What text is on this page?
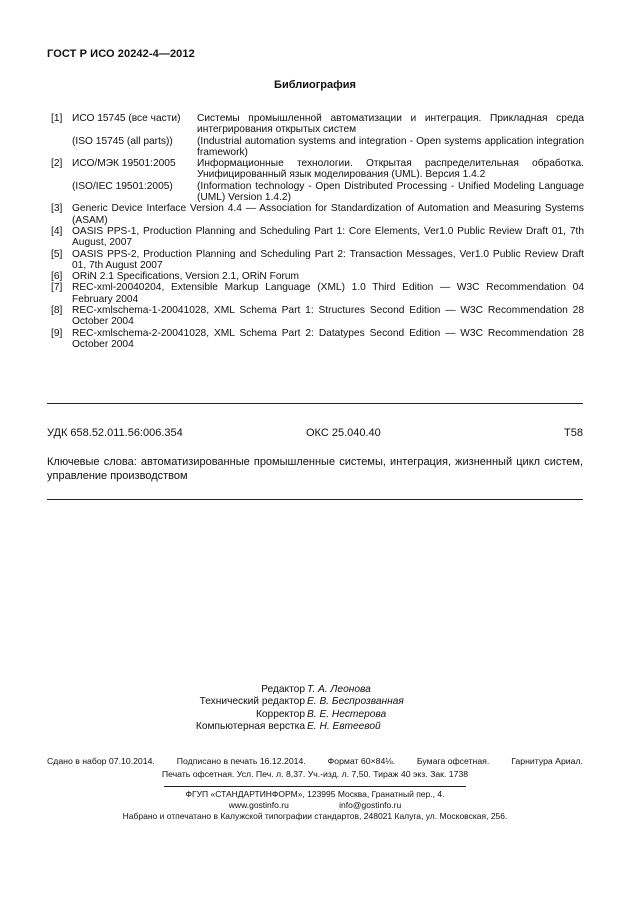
ГОСТ Р ИСО 20242-4—2012
Библиография
[1] ИСО 15745 (все части)	Системы промышленной автоматизации и интеграция. Прикладная среда интегрирования открытых систем
(ISO 15745 (all parts))	(Industrial automation systems and integration - Open systems application integration framework)
[2] ИСО/МЭК 19501:2005	Информационные технологии. Открытая распределительная обработка. Унифицированный язык моделирования (UML). Версия 1.4.2
(ISO/IEC 19501:2005)	(Information technology - Open Distributed Processing - Unified Modeling Language (UML) Version 1.4.2)
[3] Generic Device Interface Version 4.4 — Association for Standardization of Automation and Measuring Systems (ASAM)
[4] OASIS PPS-1, Production Planning and Scheduling Part 1: Core Elements, Ver1.0 Public Review Draft 01, 7th August, 2007
[5] OASIS PPS-2, Production Planning and Scheduling Part 2: Transaction Messages, Ver1.0 Public Review Draft 01, 7th August 2007
[6] ORiN 2.1 Specifications, Version 2.1, ORiN Forum
[7] REC-xml-20040204, Extensible Markup Language (XML) 1.0 Third Edition — W3C Recommendation 04 February 2004
[8] REC-xmlschema-1-20041028, XML Schema Part 1: Structures Second Edition — W3C Recommendation 28 October 2004
[9] REC-xmlschema-2-20041028, XML Schema Part 2: Datatypes Second Edition — W3C Recommendation 28 October 2004
УДК 658.52.011.56:006.354	ОКС 25.040.40	T58
Ключевые слова: автоматизированные промышленные системы, интеграция, жизненный цикл систем, управление производством
Редактор Т. А. Леонова
Технический редактор Е. В. Беспрозванная
Корректор В. Е. Нестерова
Компьютерная верстка Е. Н. Евтеевой
Сдано в набор 07.10.2014.	Подписано в печать 16.12.2014.	Формат 60×84⅛.	Бумага офсетная.	Гарнитура Ариал.
Печать офсетная. Усл. Печ. л. 8,37. Уч.-изд. л. 7,50. Тираж 40 экз. Зак. 1738
ФГУП «СТАНДАРТИНФОРМ», 123995 Москва, Гранатный пер., 4.
www.gostinfo.ru	info@gostinfo.ru
Набрано и отпечатано в Калужской типографии стандартов, 248021 Калуга, ул. Московская, 256.
